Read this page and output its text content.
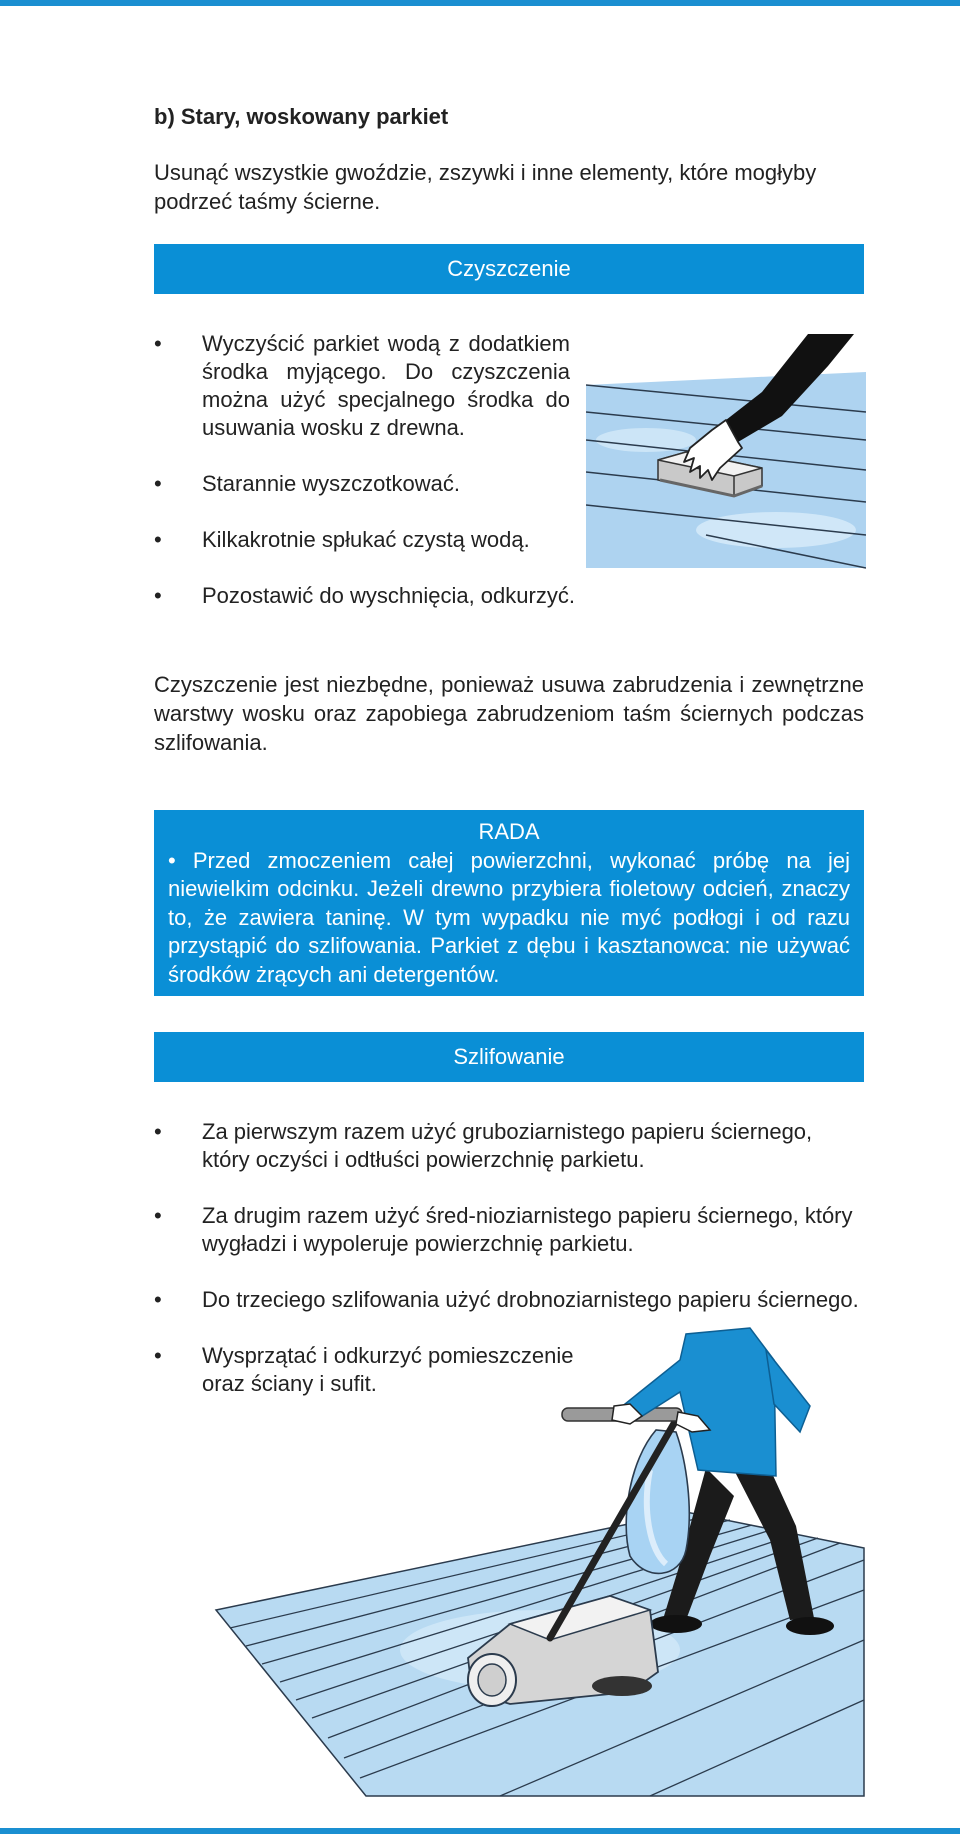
b) Stary, woskowany parkiet
Usunąć wszystkie gwoździe, zszywki i inne elementy, które mogłyby podrzeć taśmy ścierne.
Czyszczenie
• Wyczyścić parkiet wodą z dodatkiem środka myjącego. Do czyszczenia można użyć specjalnego środka do usuwania wosku z drewna.
• Starannie wyszczotkować.
• Kilkakrotnie spłukać czystą wodą.
• Pozostawić do wyschnięcia, odkurzyć.
Czyszczenie jest niezbędne, ponieważ usuwa zabrudzenia i zewnętrzne warstwy wosku oraz zapobiega zabrudzeniom taśm ściernych podczas szlifowania.
RADA
• Przed zmoczeniem całej powierzchni, wykonać próbę na jej niewielkim odcinku. Jeżeli drewno przybiera fioletowy odcień, znaczy to, że zawiera taninę. W tym wypadku nie myć podłogi i od razu przystąpić do szlifowania. Parkiet z dębu i kasztanowca: nie używać środków żrących ani detergentów.
Szlifowanie
• Za pierwszym razem użyć gruboziarnistego papieru ściernego, który oczyści i odtłuści powierzchnię parkietu.
• Za drugim razem użyć śred-nioziarnistego papieru ściernego, który wygładzi i wypoleruje powierzchnię parkietu.
• Do trzeciego szlifowania użyć drobnoziarnistego papieru ściernego.
• Wysprzątać i odkurzyć pomieszczenie oraz ściany i sufit.
